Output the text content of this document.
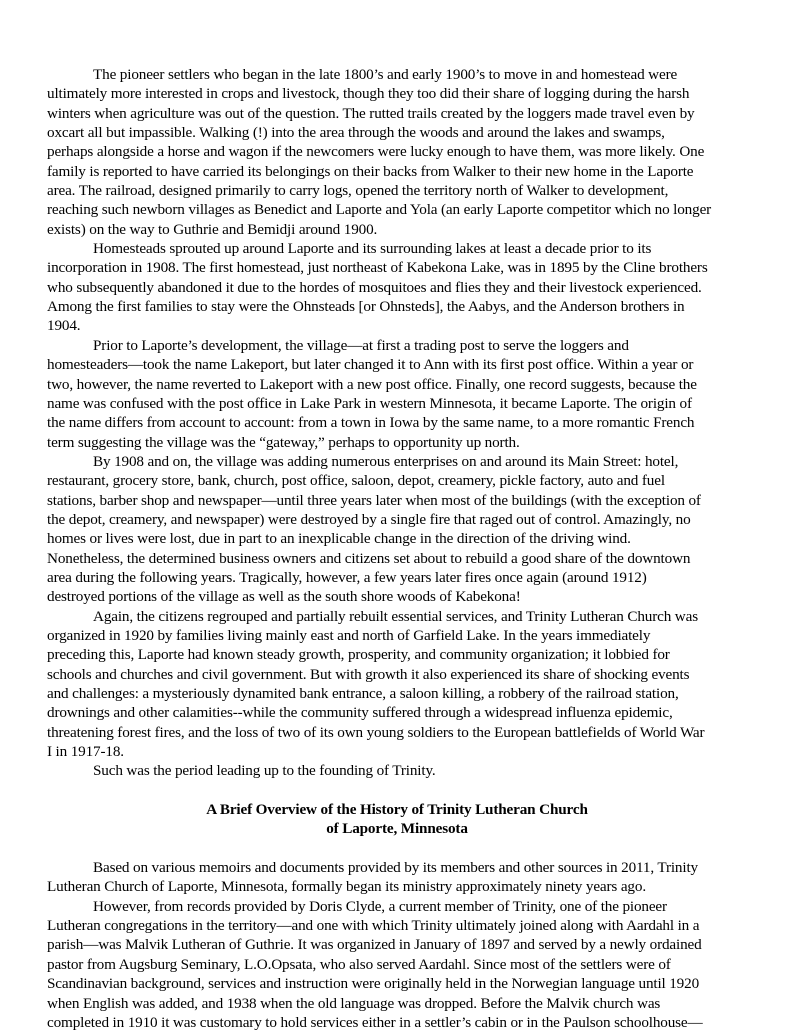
The pioneer settlers who began in the late 1800’s and early 1900’s to move in and homestead were
ultimately more interested in crops and livestock, though they too did their share of logging during the harsh
winters when agriculture was out of the question. The rutted trails created by the loggers made travel even by
oxcart all but impassible. Walking (!) into the area through the woods and around the lakes and swamps,
perhaps alongside a horse and wagon if the newcomers were lucky enough to have them, was more likely. One
family is reported to have carried its belongings on their backs from Walker to their new home in the Laporte
area. The railroad, designed primarily to carry logs, opened the territory north of Walker to development,
reaching such newborn villages as Benedict and Laporte and Yola (an early Laporte competitor which no longer
exists) on the way to Guthrie and Bemidji around 1900.
Homesteads sprouted up around Laporte and its surrounding lakes at least a decade prior to its
incorporation in 1908. The first homestead, just northeast of Kabekona Lake, was in 1895 by the Cline brothers
who subsequently abandoned it due to the hordes of mosquitoes and flies they and their livestock experienced.
Among the first families to stay were the Ohnsteads [or Ohnsteds], the Aabys, and the Anderson brothers in
1904.
Prior to Laporte’s development, the village—at first a trading post to serve the loggers and
homesteaders—took the name Lakeport, but later changed it to Ann with its first post office. Within a year or
two, however, the name reverted to Lakeport with a new post office. Finally, one record suggests, because the
name was confused with the post office in Lake Park in western Minnesota, it became Laporte. The origin of
the name differs from account to account: from a town in Iowa by the same name, to a more romantic French
term suggesting the village was the “gateway,” perhaps to opportunity up north.
By 1908 and on, the village was adding numerous enterprises on and around its Main Street: hotel,
restaurant, grocery store, bank, church, post office, saloon, depot, creamery, pickle factory, auto and fuel
stations, barber shop and newspaper—until three years later when most of the buildings (with the exception of
the depot, creamery, and newspaper) were destroyed by a single fire that raged out of control. Amazingly, no
homes or lives were lost, due in part to an inexplicable change in the direction of the driving wind.
Nonetheless, the determined business owners and citizens set about to rebuild a good share of the downtown
area during the following years. Tragically, however, a few years later fires once again (around 1912)
destroyed portions of the village as well as the south shore woods of Kabekona!
Again, the citizens regrouped and partially rebuilt essential services, and Trinity Lutheran Church was
organized in 1920 by families living mainly east and north of Garfield Lake. In the years immediately
preceding this, Laporte had known steady growth, prosperity, and community organization; it lobbied for
schools and churches and civil government. But with growth it also experienced its share of shocking events
and challenges: a mysteriously dynamited bank entrance, a saloon killing, a robbery of the railroad station,
drownings and other calamities--while the community suffered through a widespread influenza epidemic,
threatening forest fires, and the loss of two of its own young soldiers to the European battlefields of World War
I in 1917-18.
Such was the period leading up to the founding of Trinity.
A Brief Overview of the History of Trinity Lutheran Church
of Laporte, Minnesota
Based on various memoirs and documents provided by its members and other sources in 2011, Trinity
Lutheran Church of Laporte, Minnesota, formally began its ministry approximately ninety years ago.
However, from records provided by Doris Clyde, a current member of Trinity, one of the pioneer
Lutheran congregations in the territory—and one with which Trinity ultimately joined along with Aardahl in a
parish—was Malvik Lutheran of Guthrie. It was organized in January of 1897 and served by a newly ordained
pastor from Augsburg Seminary, L.O.Opsata, who also served Aardahl. Since most of the settlers were of
Scandinavian background, services and instruction were originally held in the Norwegian language until 1920
when English was added, and 1938 when the old language was dropped. Before the Malvik church was
completed in 1910 it was customary to hold services either in a settler’s cabin or in the Paulson schoolhouse—
